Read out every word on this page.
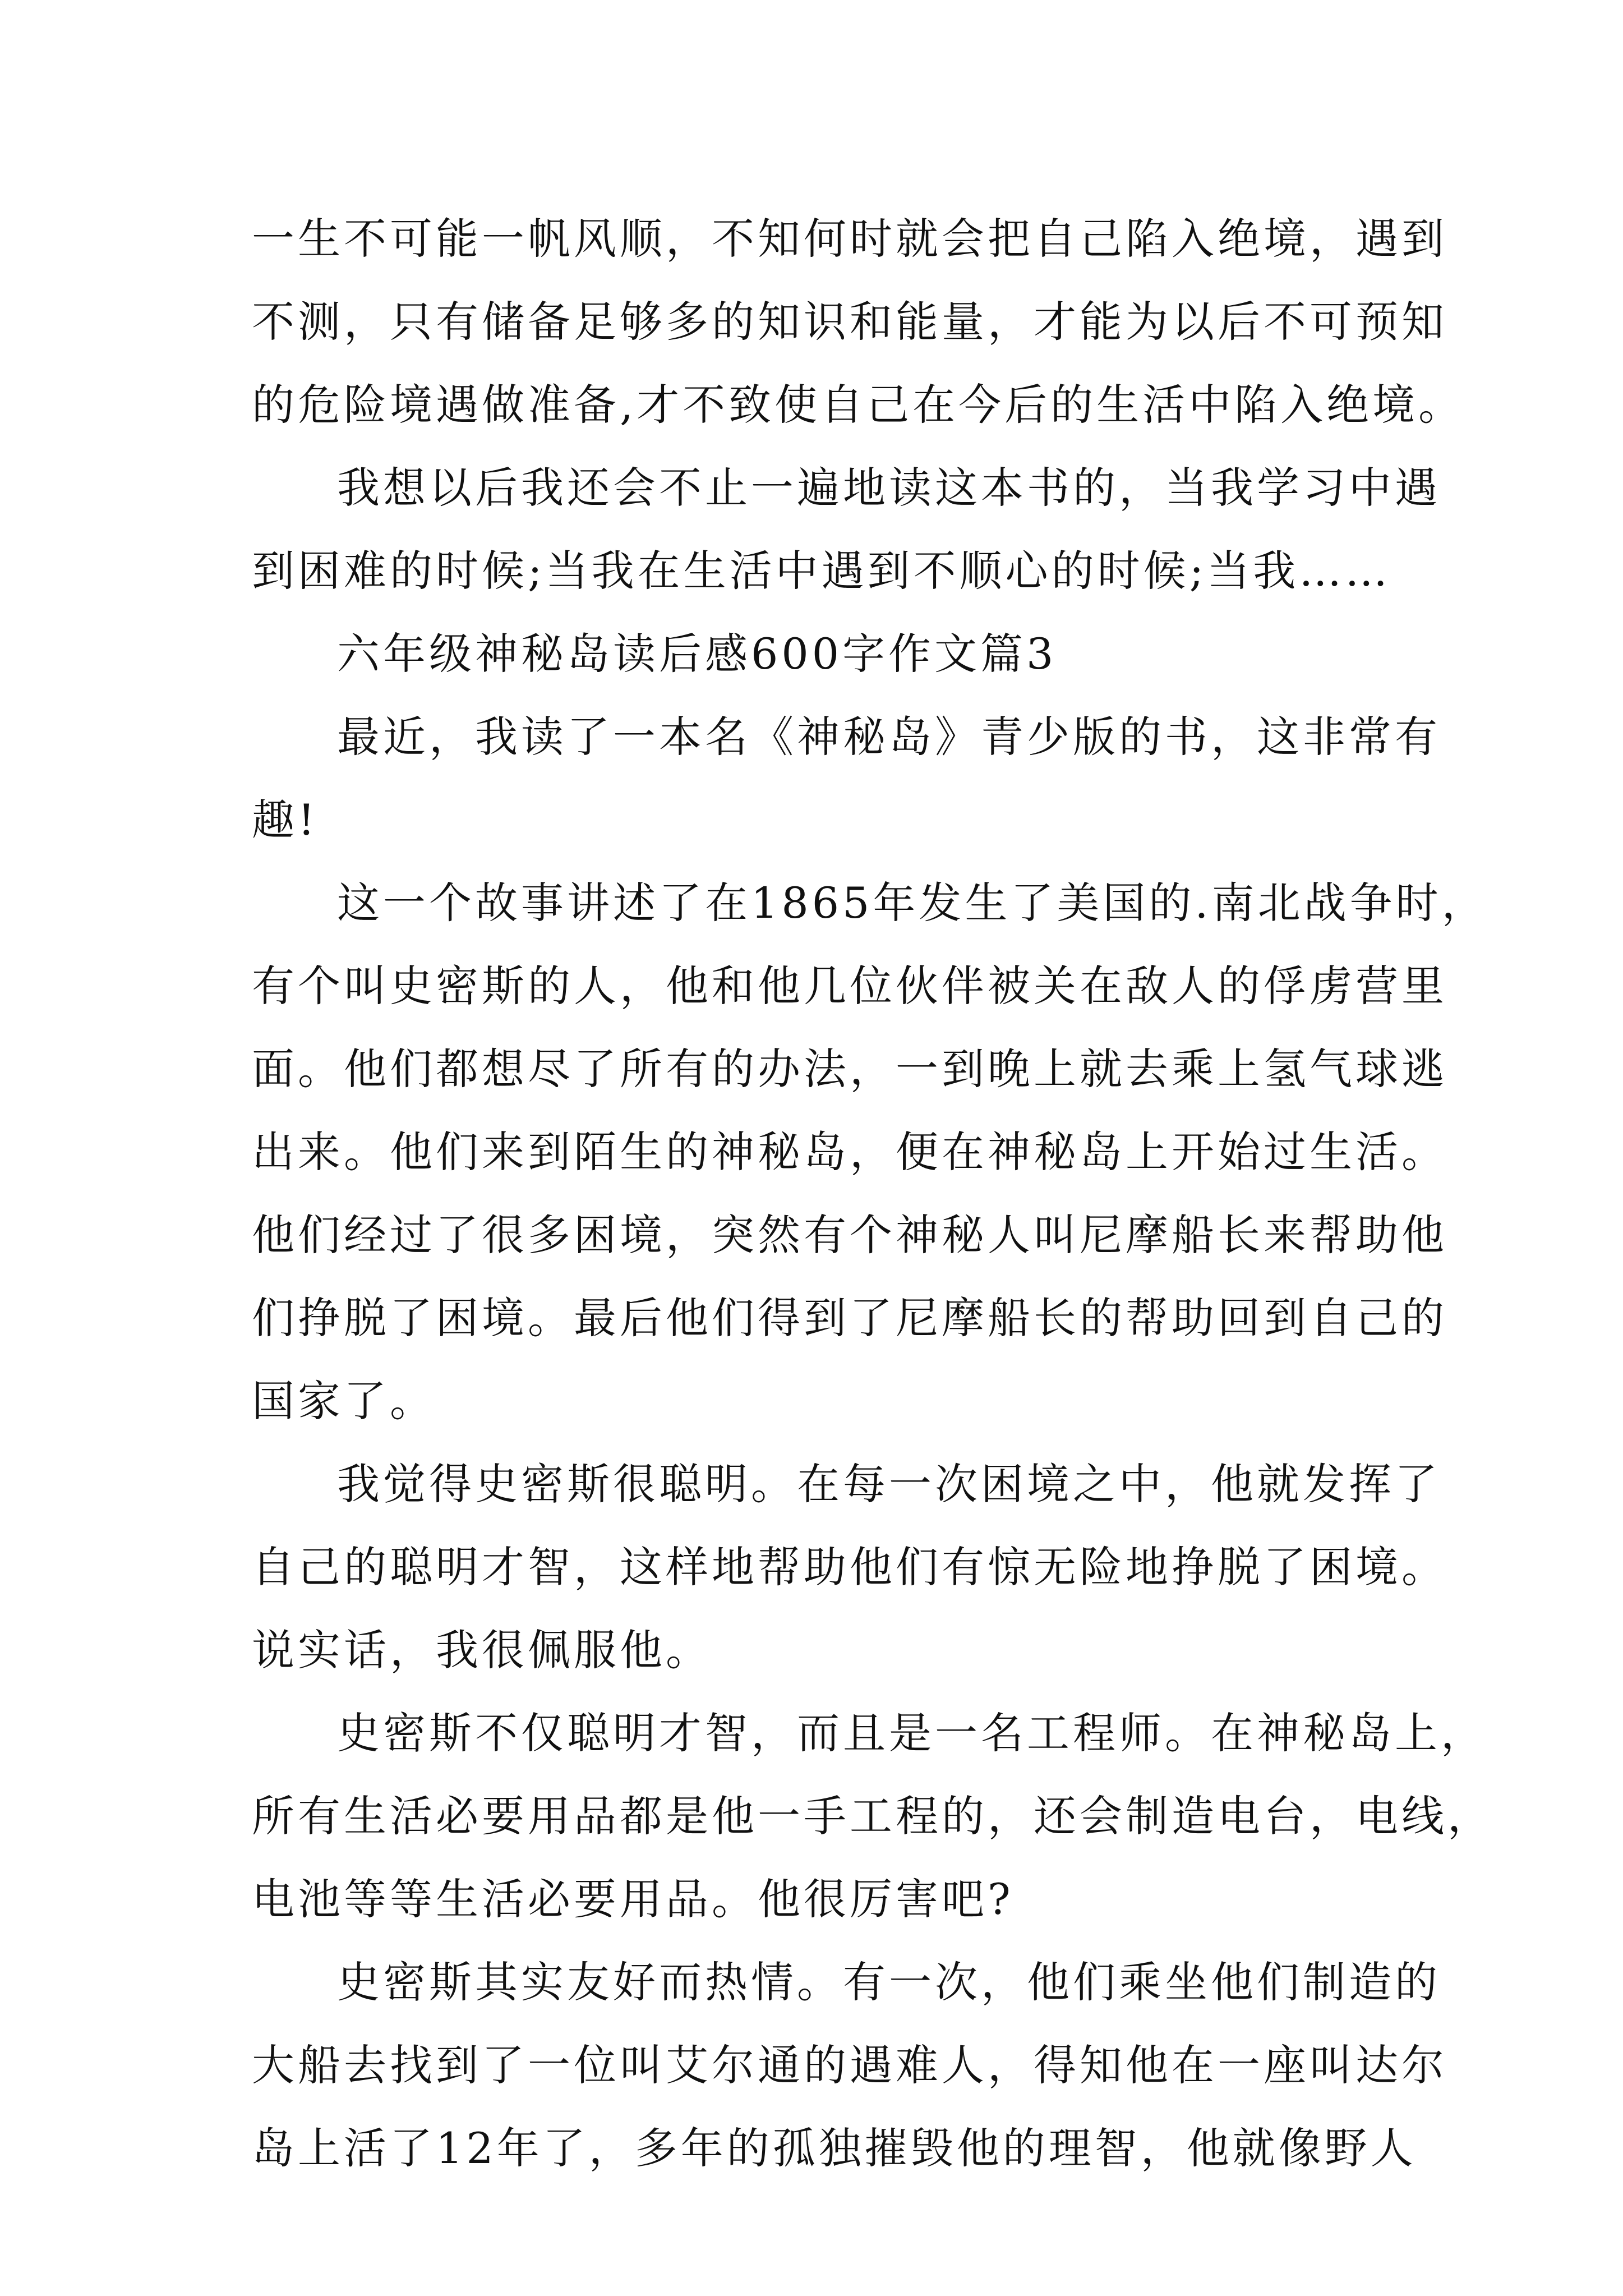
一生不可能一帆风顺，不知何时就会把自己陷入绝境，遇到
不测，只有储备足够多的知识和能量，才能为以后不可预知
的危险境遇做准备,才不致使自己在今后的生活中陷入绝境。
我想以后我还会不止一遍地读这本书的，当我学习中遇
到困难的时候;当我在生活中遇到不顺心的时候;当我……
六年级神秘岛读后感600字作文篇3
最近，我读了一本名《神秘岛》青少版的书，这非常有
趣!
这一个故事讲述了在1865年发生了美国的.南北战争时，
有个叫史密斯的人，他和他几位伙伴被关在敌人的俘虏营里
面。他们都想尽了所有的办法，一到晚上就去乘上氢气球逃
出来。他们来到陌生的神秘岛，便在神秘岛上开始过生活。
他们经过了很多困境，突然有个神秘人叫尼摩船长来帮助他
们挣脱了困境。最后他们得到了尼摩船长的帮助回到自己的
国家了。
我觉得史密斯很聪明。在每一次困境之中，他就发挥了
自己的聪明才智，这样地帮助他们有惊无险地挣脱了困境。
说实话，我很佩服他。
史密斯不仅聪明才智，而且是一名工程师。在神秘岛上，
所有生活必要用品都是他一手工程的，还会制造电台，电线，
电池等等生活必要用品。他很厉害吧?
史密斯其实友好而热情。有一次，他们乘坐他们制造的
大船去找到了一位叫艾尔通的遇难人，得知他在一座叫达尔
岛上活了12年了，多年的孤独摧毁他的理智，他就像野人
